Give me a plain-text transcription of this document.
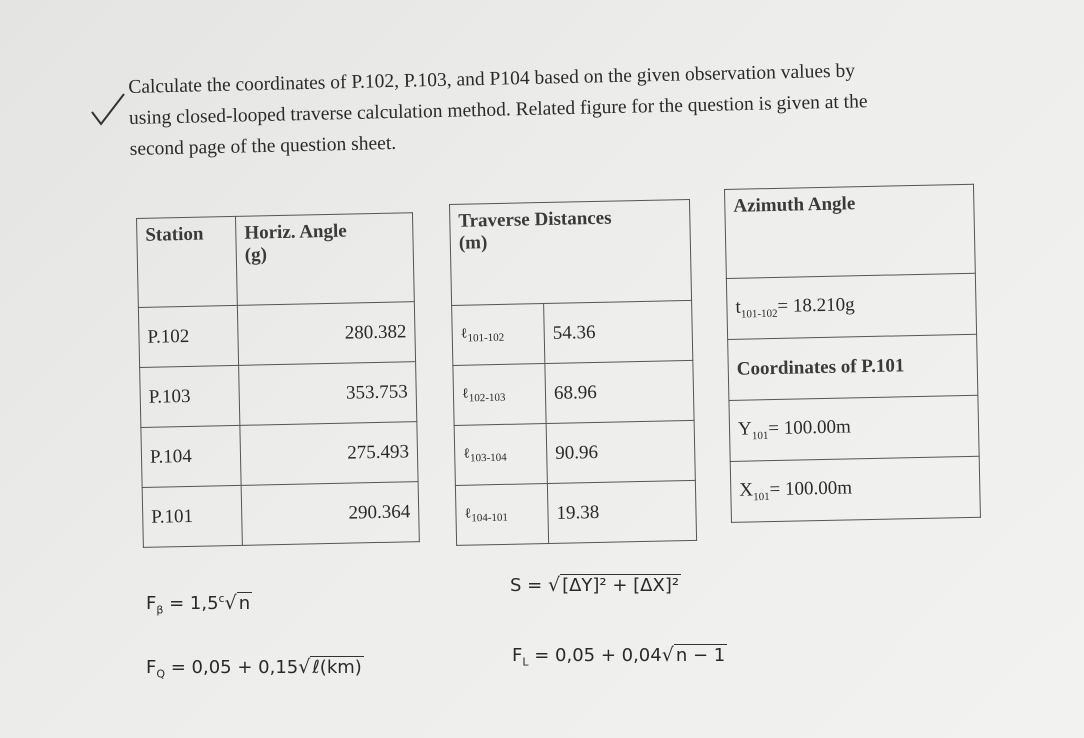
Calculate the coordinates of P.102, P.103, and P104 based on the given observation values by
using closed-looped traverse calculation method. Related figure for the question is given at the
second page of the question sheet.
Station	Horiz. Angle
(g)
P.102	280.382
P.103	353.753
P.104	275.493
P.101	290.364
Traverse Distances
(m)	
ℓ$_{101-102}$	54.36
ℓ$_{102-103}$	68.96
ℓ$_{103-104}$	90.96
ℓ$_{104-101}$	19.38
Azimuth Angle
$t_{101-102}= 18.210g$
Coordinates of P.101
$Y_{101}= 100.00m$
$X_{101}= 100.00m$
$F_\beta = 1,5^c√$ n
$F_Q = 0,05 + 0,15√$ ℓ(km)
S = √ [ΔY]² + [ΔX]²
$F_L = 0,05 + 0,04√$ n − 1
